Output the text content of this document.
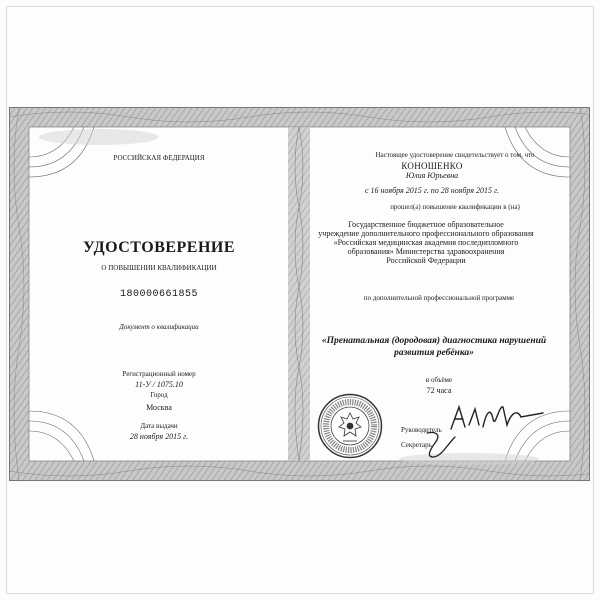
РОССИЙСКАЯ ФЕДЕРАЦИЯ
УДОСТОВЕРЕНИЕ
О ПОВЫШЕНИИ КВАЛИФИКАЦИИ
180000661855
Документ о квалификации
Регистрационный номер
11-У / 1075.10
Город
Москва
Дата выдачи
28 ноября 2015 г.
Настоящее удостоверение свидетельствует о том, что
КОНОШЕНКО
Юлия Юрьевна
с 16 ноября 2015 г. по 28 ноября 2015 г.
прошел(а) повышение квалификации в (на)
Государственное бюджетное образовательное
учреждение дополнительного профессионального образования
«Российская медицинская академия последипломного
образования» Министерства здравоохранения
Российской Федерации
по дополнительной профессиональной программе
«Пренатальная (дородовая) диагностика нарушений
развития ребёнка»
в объёме
72 часа
Руководитель
Секретарь
